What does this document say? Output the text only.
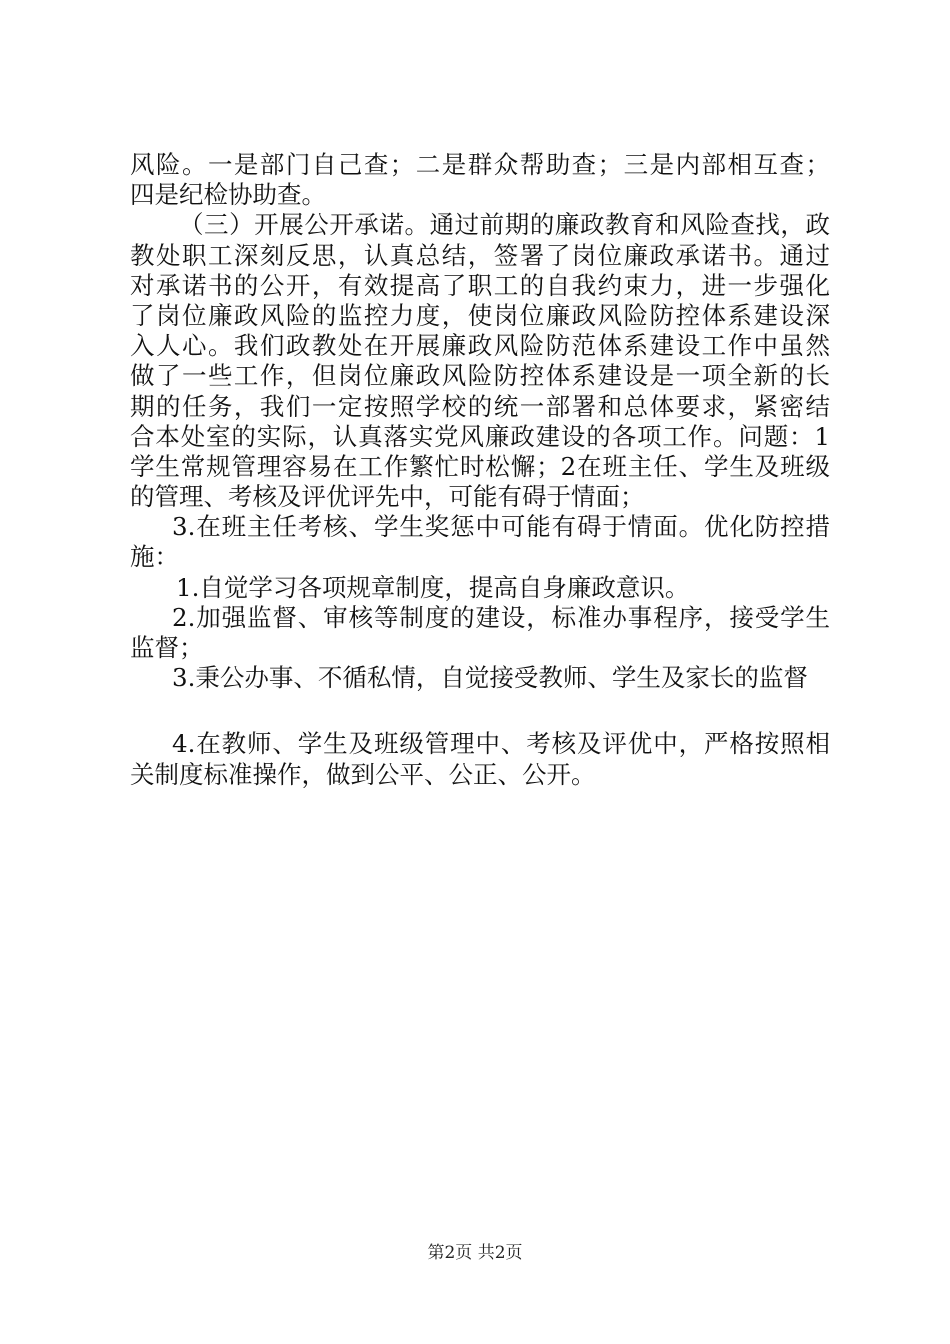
风险。一是部门自己查；二是群众帮助查；三是内部相互查；
四是纪检协助查。
（三）开展公开承诺。通过前期的廉政教育和风险查找，政
教处职工深刻反思，认真总结，签署了岗位廉政承诺书。通过
对承诺书的公开，有效提高了职工的自我约束力，进一步强化
了岗位廉政风险的监控力度，使岗位廉政风险防控体系建设深
入人心。我们政教处在开展廉政风险防范体系建设工作中虽然
做了一些工作，但岗位廉政风险防控体系建设是一项全新的长
期的任务，我们一定按照学校的统一部署和总体要求，紧密结
合本处室的实际，认真落实党风廉政建设的各项工作。问题：1
学生常规管理容易在工作繁忙时松懈；2在班主任、学生及班级
的管理、考核及评优评先中，可能有碍于情面；
3.在班主任考核、学生奖惩中可能有碍于情面。优化防控措
施：
1.自觉学习各项规章制度，提高自身廉政意识。
2.加强监督、审核等制度的建设，标准办事程序，接受学生
监督；
3.秉公办事、不循私情，自觉接受教师、学生及家长的监督
4.在教师、学生及班级管理中、考核及评优中，严格按照相
关制度标准操作，做到公平、公正、公开。
第2页 共2页
